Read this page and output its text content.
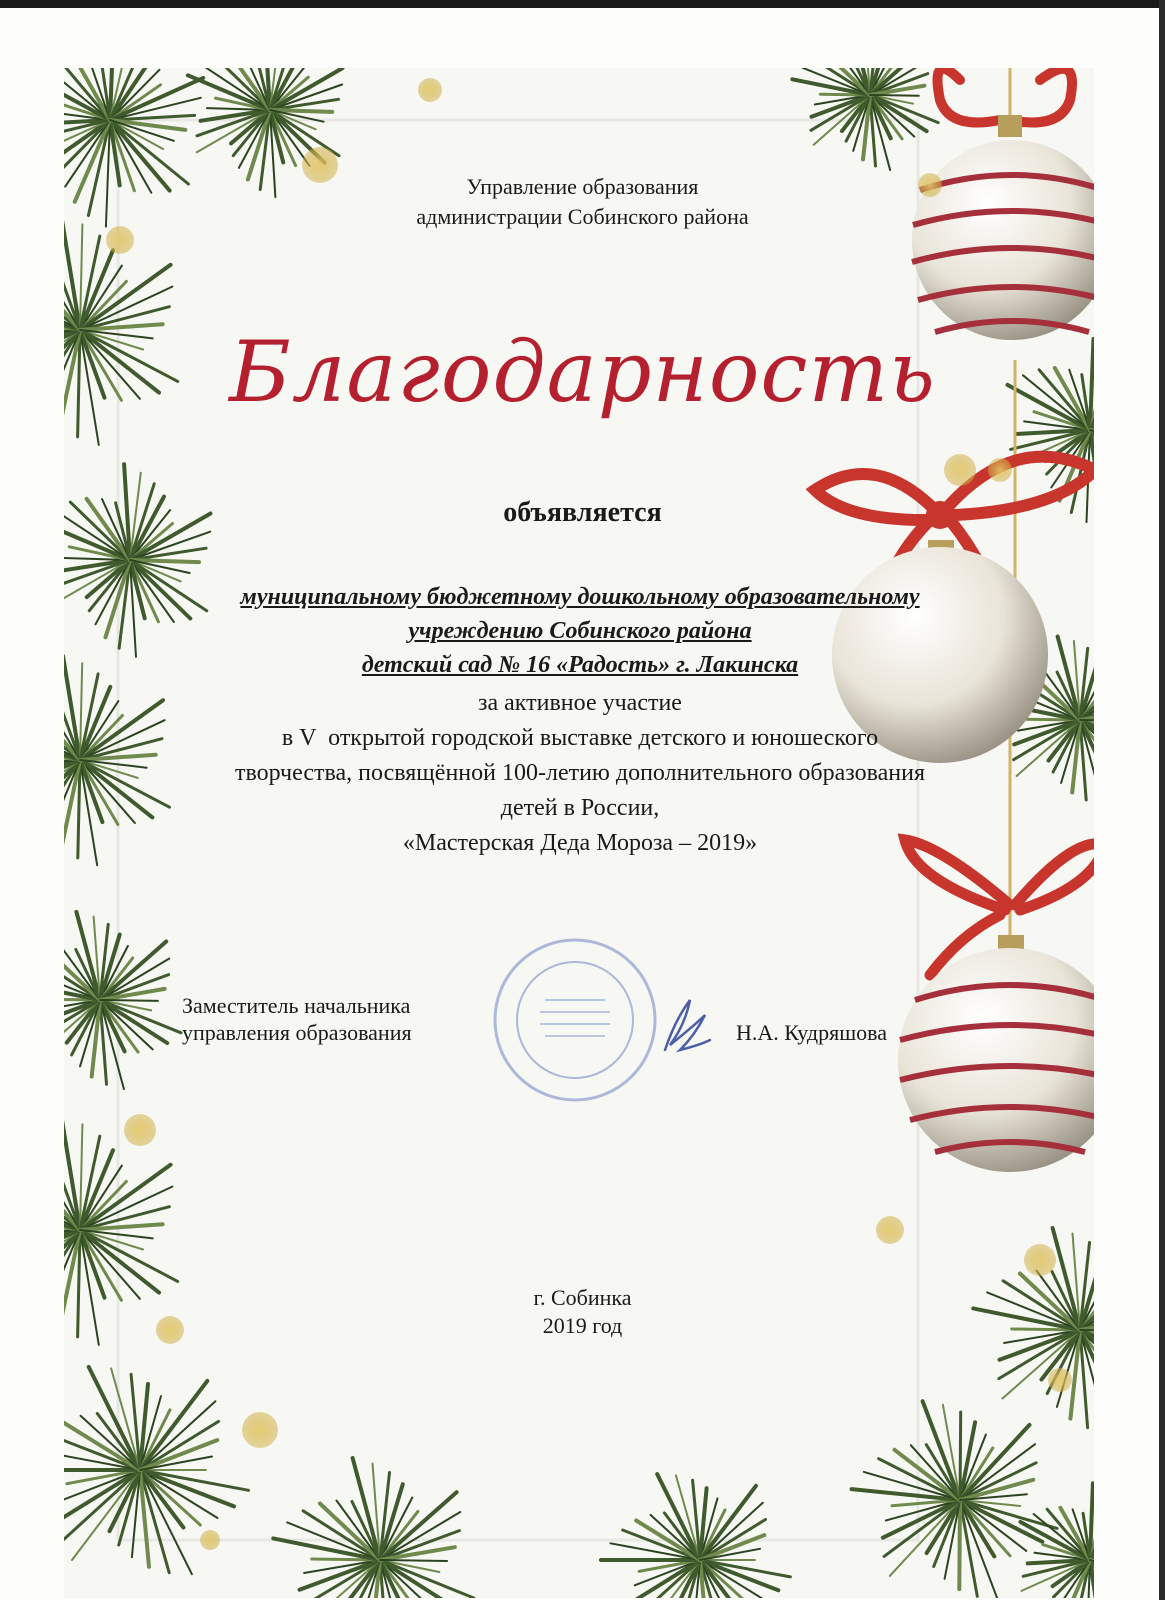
Управление образования
администрации Собинского района
Благодарность
объявляется
муниципальному бюджетному дошкольному образовательному
учреждению Собинского района
детский сад № 16 «Радость» г. Лакинска
за активное участие
в V  открытой городской выставке детского и юношеского
творчества, посвящённой 100-летию дополнительного образования
детей в России,
«Мастерская Деда Мороза – 2019»
Заместитель начальника
управления образования	Н.А. Кудряшова
г. Собинка
2019 год
